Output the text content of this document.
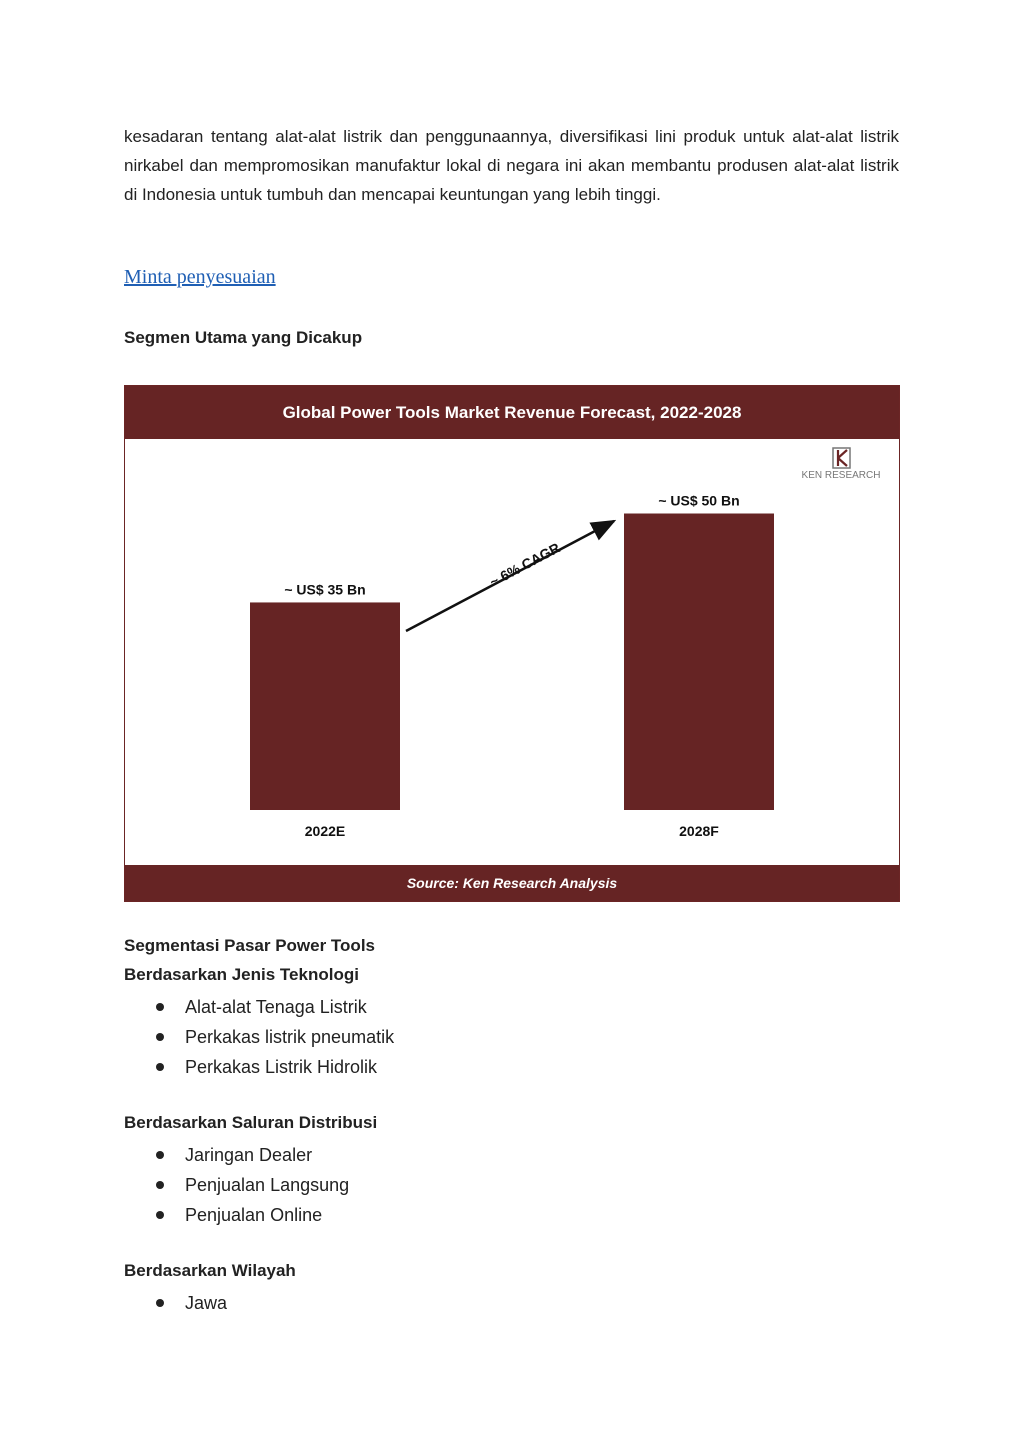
kesadaran tentang alat-alat listrik dan penggunaannya, diversifikasi lini produk untuk alat-alat listrik nirkabel dan mempromosikan manufaktur lokal di negara ini akan membantu produsen alat-alat listrik di Indonesia untuk tumbuh dan mencapai keuntungan yang lebih tinggi.

Minta penyesuaian

Segmen Utama yang Dicakup

Global Power Tools Market Revenue Forecast, 2022-2028
KEN RESEARCH
~ 6% CAGR
~ US$ 35 Bn
2022E
~ US$ 50 Bn
2028F
Source: Ken Research Analysis

Segmentasi Pasar Power Tools

Berdasarkan Jenis Teknologi

Alat-alat Tenaga Listrik
Perkakas listrik pneumatik
Perkakas Listrik Hidrolik

Berdasarkan Saluran Distribusi

Jaringan Dealer
Penjualan Langsung
Penjualan Online

Berdasarkan Wilayah

Jawa
